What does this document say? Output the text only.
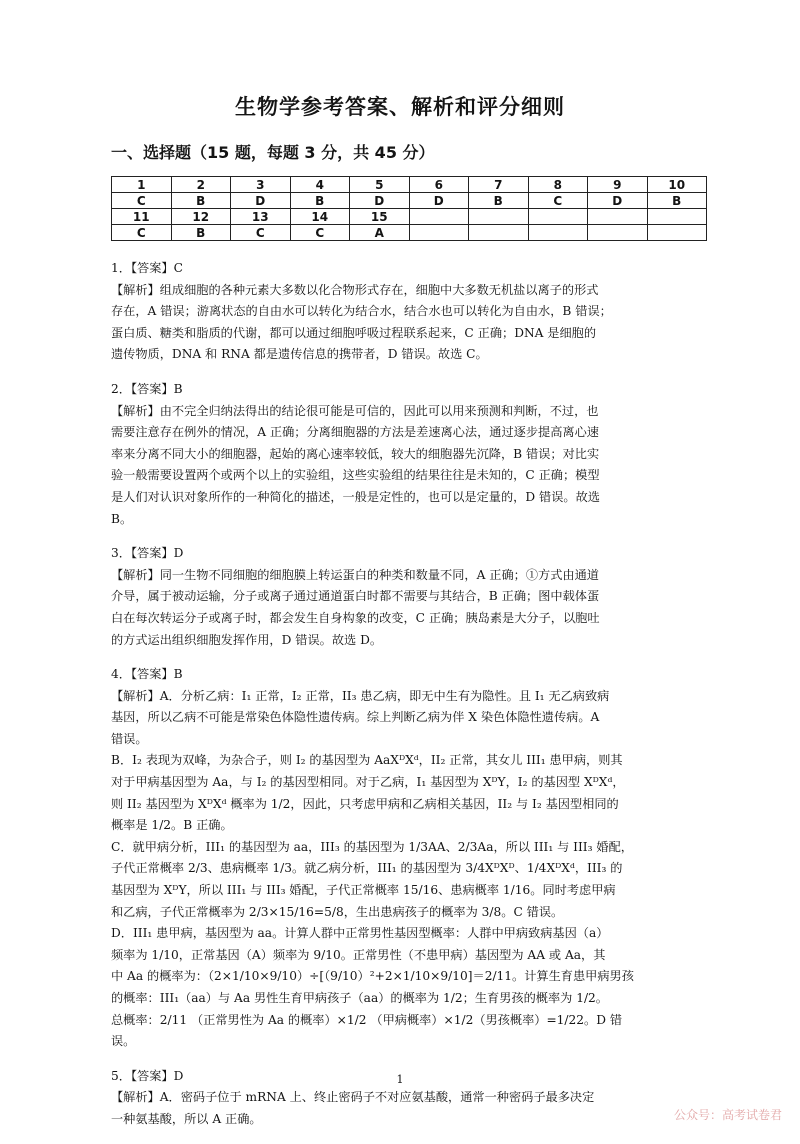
生物学参考答案、解析和评分细则
一、选择题（15 题，每题 3 分，共 45 分）
1	2	3	4	5	6	7	8	9	10
C	B	D	B	D	D	B	C	D	B
11	12	13	14	15					
C	B	C	C	A					

1．【答案】C

【解析】组成细胞的各种元素大多数以化合物形式存在，细胞中大多数无机盐以离子的形式

存在，A 错误；游离状态的自由水可以转化为结合水，结合水也可以转化为自由水，B 错误；

蛋白质、糖类和脂质的代谢，都可以通过细胞呼吸过程联系起来，C 正确；DNA 是细胞的

遗传物质，DNA 和 RNA 都是遗传信息的携带者，D 错误。故选 C。

2．【答案】B

【解析】由不完全归纳法得出的结论很可能是可信的，因此可以用来预测和判断，不过，也

需要注意存在例外的情况，A 正确；分离细胞器的方法是差速离心法，通过逐步提高离心速

率来分离不同大小的细胞器，起始的离心速率较低，较大的细胞器先沉降，B 错误；对比实

验一般需要设置两个或两个以上的实验组，这些实验组的结果往往是未知的，C 正确；模型

是人们对认识对象所作的一种简化的描述，一般是定性的，也可以是定量的，D 错误。故选

B。

3．【答案】D

【解析】同一生物不同细胞的细胞膜上转运蛋白的种类和数量不同，A 正确；①方式由通道

介导，属于被动运输，分子或离子通过通道蛋白时都不需要与其结合，B 正确；图中载体蛋

白在每次转运分子或离子时，都会发生自身构象的改变，C 正确；胰岛素是大分子，以胞吐

的方式运出组织细胞发挥作用，D 错误。故选 D。

4．【答案】B

【解析】A．分析乙病：I₁ 正常，I₂ 正常，II₃ 患乙病，即无中生有为隐性。且 I₁ 无乙病致病

基因，所以乙病不可能是常染色体隐性遗传病。综上判断乙病为伴 X 染色体隐性遗传病。A

错误。

B．I₂ 表现为双峰，为杂合子，则 I₂ 的基因型为 AaXᴰXᵈ，II₂ 正常，其女儿 III₁ 患甲病，则其

对于甲病基因型为 Aa，与 I₂ 的基因型相同。对于乙病，I₁ 基因型为 XᴰY，I₂ 的基因型 XᴰXᵈ，

则 II₂ 基因型为 XᴰXᵈ 概率为 1/2，因此，只考虑甲病和乙病相关基因，II₂ 与 I₂ 基因型相同的

概率是 1/2。B 正确。

C．就甲病分析，III₁ 的基因型为 aa，III₃ 的基因型为 1/3AA、2/3Aa，所以 III₁ 与 III₃ 婚配，

子代正常概率 2/3、患病概率 1/3。就乙病分析，III₁ 的基因型为 3/4XᴰXᴰ、1/4XᴰXᵈ，III₃ 的

基因型为 XᴰY，所以 III₁ 与 III₃ 婚配，子代正常概率 15/16、患病概率 1/16。同时考虑甲病

和乙病，子代正常概率为 2/3×15/16=5/8，生出患病孩子的概率为 3/8。C 错误。

D．III₁ 患甲病，基因型为 aa。计算人群中正常男性基因型概率：人群中甲病致病基因（a）

频率为 1/10，正常基因（A）频率为 9/10。正常男性（不患甲病）基因型为 AA 或 Aa，其

中 Aa 的概率为：（2×1/10×9/10）÷[（9/10）²+2×1/10×9/10]＝2/11。计算生育患甲病男孩

的概率：III₁（aa）与 Aa 男性生育甲病孩子（aa）的概率为 1/2；生育男孩的概率为 1/2。

总概率：2/11 （正常男性为 Aa 的概率）×1/2 （甲病概率）×1/2（男孩概率）=1/22。D 错

误。

5．【答案】D

【解析】A．密码子位于 mRNA 上、终止密码子不对应氨基酸，通常一种密码子最多决定

一种氨基酸，所以 A 正确。

1
公众号：高考试卷君
